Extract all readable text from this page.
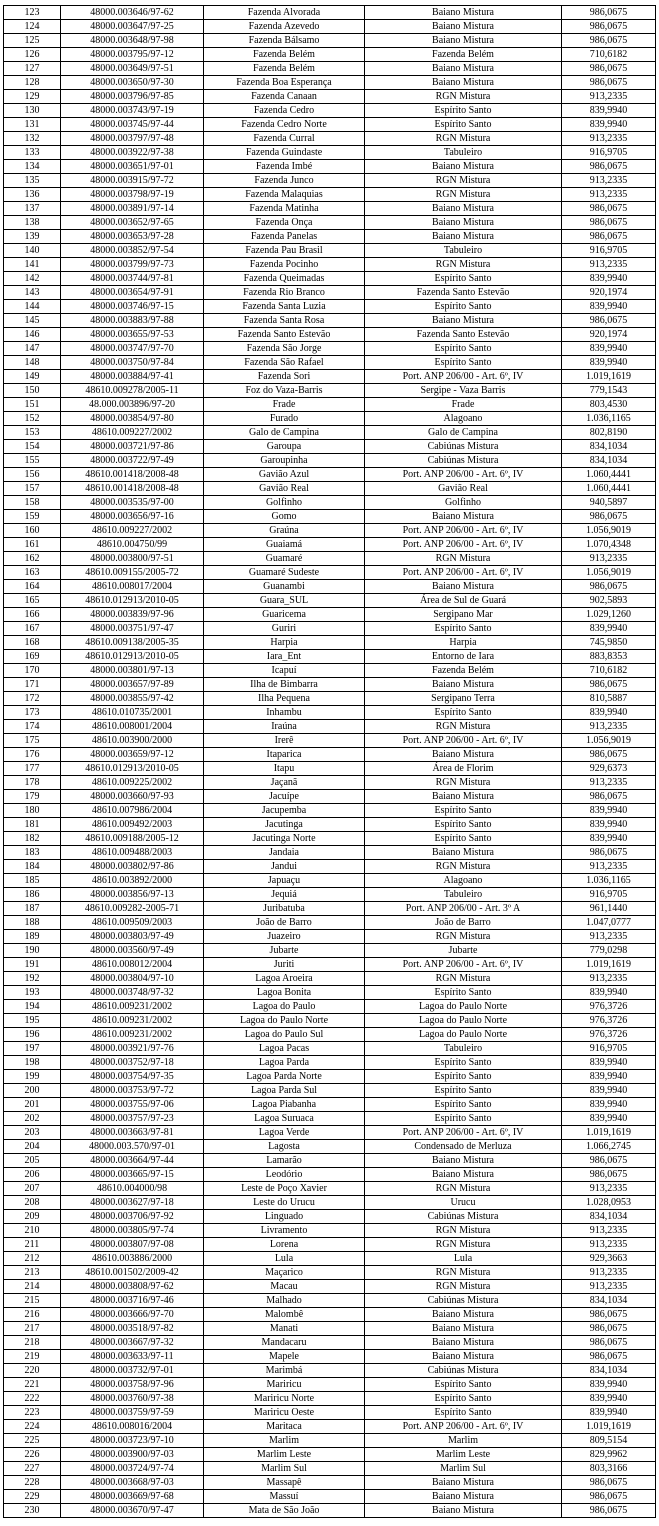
123	48000.003646/97-62	Fazenda Alvorada	Baiano Mistura	986,0675
124	48000.003647/97-25	Fazenda Azevedo	Baiano Mistura	986,0675
125	48000.003648/97-98	Fazenda Bálsamo	Baiano Mistura	986,0675
126	48000.003795/97-12	Fazenda Belém	Fazenda Belém	710,6182
127	48000.003649/97-51	Fazenda Belém	Baiano Mistura	986,0675
128	48000.003650/97-30	Fazenda Boa Esperança	Baiano Mistura	986,0675
129	48000.003796/97-85	Fazenda Canaan	RGN Mistura	913,2335
130	48000.003743/97-19	Fazenda Cedro	Espírito Santo	839,9940
131	48000.003745/97-44	Fazenda Cedro Norte	Espírito Santo	839,9940
132	48000.003797/97-48	Fazenda Curral	RGN Mistura	913,2335
133	48000.003922/97-38	Fazenda Guindaste	Tabuleiro	916,9705
134	48000.003651/97-01	Fazenda Imbé	Baiano Mistura	986,0675
135	48000.003915/97-72	Fazenda Junco	RGN Mistura	913,2335
136	48000.003798/97-19	Fazenda Malaquias	RGN Mistura	913,2335
137	48000.003891/97-14	Fazenda Matinha	Baiano Mistura	986,0675
138	48000.003652/97-65	Fazenda Onça	Baiano Mistura	986,0675
139	48000.003653/97-28	Fazenda Panelas	Baiano Mistura	986,0675
140	48000.003852/97-54	Fazenda Pau Brasil	Tabuleiro	916,9705
141	48000.003799/97-73	Fazenda Pocinho	RGN Mistura	913,2335
142	48000.003744/97-81	Fazenda Queimadas	Espírito Santo	839,9940
143	48000.003654/97-91	Fazenda Rio Branco	Fazenda Santo Estevão	920,1974
144	48000.003746/97-15	Fazenda Santa Luzia	Espírito Santo	839,9940
145	48000.003883/97-88	Fazenda Santa Rosa	Baiano Mistura	986,0675
146	48000.003655/97-53	Fazenda Santo Estevão	Fazenda Santo Estevão	920,1974
147	48000.003747/97-70	Fazenda São Jorge	Espírito Santo	839,9940
148	48000.003750/97-84	Fazenda São Rafael	Espírito Santo	839,9940
149	48000.003884/97-41	Fazenda Sori	Port. ANP 206/00 - Art. 6º, IV	1.019,1619
150	48610.009278/2005-11	Foz do Vaza-Barris	Sergipe - Vaza Barris	779,1543
151	48.000.003896/97-20	Frade	Frade	803,4530
152	48000.003854/97-80	Furado	Alagoano	1.036,1165
153	48610.009227/2002	Galo de Campina	Galo de Campina	802,8190
154	48000.003721/97-86	Garoupa	Cabiúnas Mistura	834,1034
155	48000.003722/97-49	Garoupinha	Cabiúnas Mistura	834,1034
156	48610.001418/2008-48	Gavião Azul	Port. ANP 206/00 - Art. 6º, IV	1.060,4441
157	48610.001418/2008-48	Gavião Real	Gavião Real	1.060,4441
158	48000.003535/97-00	Golfinho	Golfinho	940,5897
159	48000.003656/97-16	Gomo	Baiano Mistura	986,0675
160	48610.009227/2002	Graúna	Port. ANP 206/00 - Art. 6º, IV	1.056,9019
161	48610.004750/99	Guaiamá	Port. ANP 206/00 - Art. 6º, IV	1.070,4348
162	48000.003800/97-51	Guamaré	RGN Mistura	913,2335
163	48610.009155/2005-72	Guamaré Sudeste	Port. ANP 206/00 - Art. 6º, IV	1.056,9019
164	48610.008017/2004	Guanambi	Baiano Mistura	986,0675
165	48610.012913/2010-05	Guara_SUL	Área de Sul de Guará	902,5893
166	48000.003839/97-96	Guaricema	Sergipano Mar	1.029,1260
167	48000.003751/97-47	Guriri	Espírito Santo	839,9940
168	48610.009138/2005-35	Harpia	Harpia	745,9850
169	48610.012913/2010-05	Iara_Ent	Entorno de Iara	883,8353
170	48000.003801/97-13	Icapuí	Fazenda Belém	710,6182
171	48000.003657/97-89	Ilha de Bimbarra	Baiano Mistura	986,0675
172	48000.003855/97-42	Ilha Pequena	Sergipano Terra	810,5887
173	48610.010735/2001	Inhambu	Espírito Santo	839,9940
174	48610.008001/2004	Iraúna	RGN Mistura	913,2335
175	48610.003900/2000	Irerê	Port. ANP 206/00 - Art. 6º, IV	1.056,9019
176	48000.003659/97-12	Itaparica	Baiano Mistura	986,0675
177	48610.012913/2010-05	Itapu	Área de Florim	929,6373
178	48610.009225/2002	Jaçanã	RGN Mistura	913,2335
179	48000.003660/97-93	Jacuípe	Baiano Mistura	986,0675
180	48610.007986/2004	Jacupemba	Espírito Santo	839,9940
181	48610.009492/2003	Jacutinga	Espírito Santo	839,9940
182	48610.009188/2005-12	Jacutinga Norte	Espírito Santo	839,9940
183	48610.009488/2003	Jandaia	Baiano Mistura	986,0675
184	48000.003802/97-86	Jandui	RGN Mistura	913,2335
185	48610.003892/2000	Japuaçu	Alagoano	1.036,1165
186	48000.003856/97-13	Jequiá	Tabuleiro	916,9705
187	48610.009282-2005-71	Juribatuba	Port. ANP 206/00 - Art. 3º A	961,1440
188	48610.009509/2003	João de Barro	João de Barro	1.047,0777
189	48000.003803/97-49	Juazeiro	RGN Mistura	913,2335
190	48000.003560/97-49	Jubarte	Jubarte	779,0298
191	48610.008012/2004	Juriti	Port. ANP 206/00 - Art. 6º, IV	1.019,1619
192	48000.003804/97-10	Lagoa Aroeira	RGN Mistura	913,2335
193	48000.003748/97-32	Lagoa Bonita	Espírito Santo	839,9940
194	48610.009231/2002	Lagoa do Paulo	Lagoa do Paulo Norte	976,3726
195	48610.009231/2002	Lagoa do Paulo Norte	Lagoa do Paulo Norte	976,3726
196	48610.009231/2002	Lagoa do Paulo Sul	Lagoa do Paulo Norte	976,3726
197	48000.003921/97-76	Lagoa Pacas	Tabuleiro	916,9705
198	48000.003752/97-18	Lagoa Parda	Espírito Santo	839,9940
199	48000.003754/97-35	Lagoa Parda Norte	Espírito Santo	839,9940
200	48000.003753/97-72	Lagoa Parda Sul	Espírito Santo	839,9940
201	48000.003755/97-06	Lagoa Piabanha	Espírito Santo	839,9940
202	48000.003757/97-23	Lagoa Suruaca	Espírito Santo	839,9940
203	48000.003663/97-81	Lagoa Verde	Port. ANP 206/00 - Art. 6º, IV	1.019,1619
204	48000.003.570/97-01	Lagosta	Condensado de Merluza	1.066,2745
205	48000.003664/97-44	Lamarão	Baiano Mistura	986,0675
206	48000.003665/97-15	Leodório	Baiano Mistura	986,0675
207	48610.004000/98	Leste de Poço Xavier	RGN Mistura	913,2335
208	48000.003627/97-18	Leste do Urucu	Urucu	1.028,0953
209	48000.003706/97-92	Linguado	Cabiúnas Mistura	834,1034
210	48000.003805/97-74	Livramento	RGN Mistura	913,2335
211	48000.003807/97-08	Lorena	RGN Mistura	913,2335
212	48610.003886/2000	Lula	Lula	929,3663
213	48610.001502/2009-42	Maçarico	RGN Mistura	913,2335
214	48000.003808/97-62	Macau	RGN Mistura	913,2335
215	48000.003716/97-46	Malhado	Cabiúnas Mistura	834,1034
216	48000.003666/97-70	Malombê	Baiano Mistura	986,0675
217	48000.003518/97-82	Manati	Baiano Mistura	986,0675
218	48000.003667/97-32	Mandacaru	Baiano Mistura	986,0675
219	48000.003633/97-11	Mapele	Baiano Mistura	986,0675
220	48000.003732/97-01	Marimbá	Cabiúnas Mistura	834,1034
221	48000.003758/97-96	Mariricu	Espírito Santo	839,9940
222	48000.003760/97-38	Mariricu Norte	Espírito Santo	839,9940
223	48000.003759/97-59	Mariricu Oeste	Espírito Santo	839,9940
224	48610.008016/2004	Maritaca	Port. ANP 206/00 - Art. 6º, IV	1.019,1619
225	48000.003723/97-10	Marlim	Marlim	809,5154
226	48000.003900/97-03	Marlim Leste	Marlim Leste	829,9962
227	48000.003724/97-74	Marlim Sul	Marlim Sul	803,3166
228	48000.003668/97-03	Massapê	Baiano Mistura	986,0675
229	48000.003669/97-68	Massuí	Baiano Mistura	986,0675
230	48000.003670/97-47	Mata de São João	Baiano Mistura	986,0675
